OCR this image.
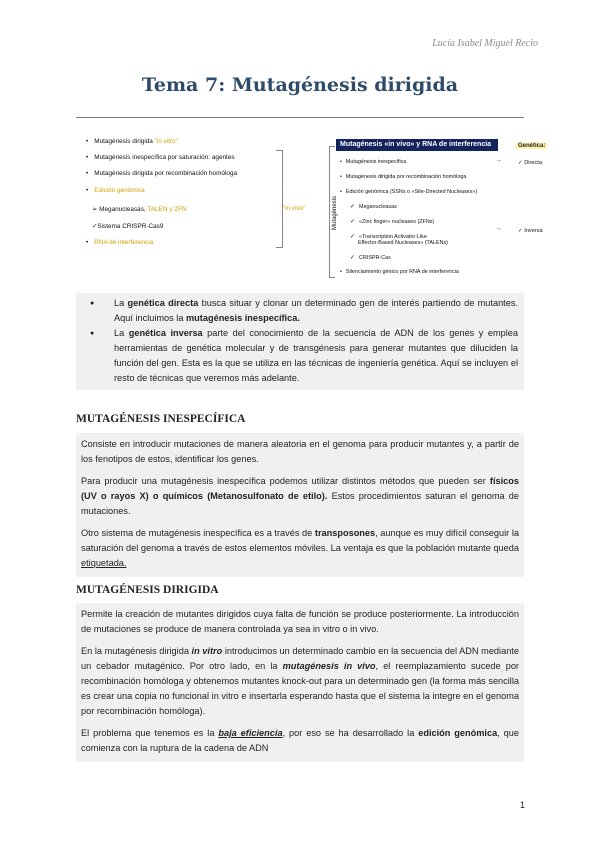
Lucía Isabel Miguel Recio
Tema 7: Mutagénesis dirigida
• Mutagénesis dirigida “in vitro”
• Mutagénesis inespecífica por saturación: agentes
• Mutagénesis dirigida por recombinación homóloga
• Edición genómica
➢ Meganucleasas, TALEN y ZFN
✓Sistema CRISPR-Cas9
• RNA de interferencia
“in vivo”	Mutagénesis
Mutagénesis «in vivo» y RNA de interferencia
• Mutagénesis inespecífica
• Mutagénesis dirigida por recombinación homóloga
• Edición genómica (SSNs o «Site-Directed Nucleases»)
✓ Meganucleasas
✓ «Zinc finger» nucleases (ZFNs)
✓ «Transcription Activator-Like
Effector-Based Nucleases» (TALENs)
✓ CRISPR-Cas
• Silenciamiento génico por RNA de interferencia
→
→
Genética:
✓ Directa
✓ Inversa
● La genética directa busca situar y clonar un determinado gen de interés partiendo de mutantes. Aquí incluimos la mutagénesis inespecífica.
● La genética inversa parte del conocimiento de la secuencia de ADN de los genes y emplea herramientas de genética molecular y de transgénesis para generar mutantes que diluciden la función del gen. Esta es la que se utiliza en las técnicas de ingeniería genética. Aquí se incluyen el resto de técnicas que veremos más adelante.
MUTAGÉNESIS INESPECÍFICA

Consiste en introducir mutaciones de manera aleatoria en el genoma para producir mutantes y, a partir de los fenotipos de estos, identificar los genes.

Para producir una mutagénesis inespecífica podemos utilizar distintos métodos que pueden ser físicos (UV o rayos X) o químicos (Metanosulfonato de etilo). Estos procedimientos saturan el genoma de mutaciones.

Otro sistema de mutagénesis inespecífica es a través de transposones, aunque es muy difícil conseguir la saturación del genoma a través de estos elementos móviles. La ventaja es que la población mutante queda etiquetada.

MUTAGÉNESIS DIRIGIDA

Permite la creación de mutantes dirigidos cuya falta de función se produce posteriormente. La introducción de mutaciones se produce de manera controlada ya sea in vitro o in vivo.

En la mutagénesis dirigida in vitro introducimos un determinado cambio en la secuencia del ADN mediante un cebador mutagénico. Por otro lado, en la mutagénesis in vivo, el reemplazamiento sucede por recombinación homóloga y obtenemos mutantes knock-out para un determinado gen (la forma más sencilla es crear una copia no funcional in vitro e insertarla esperando hasta que el sistema la integre en el genoma por recombinación homóloga).

El problema que tenemos es la baja eficiencia, por eso se ha desarrollado la edición genómica, que comienza con la ruptura de la cadena de ADN

1
